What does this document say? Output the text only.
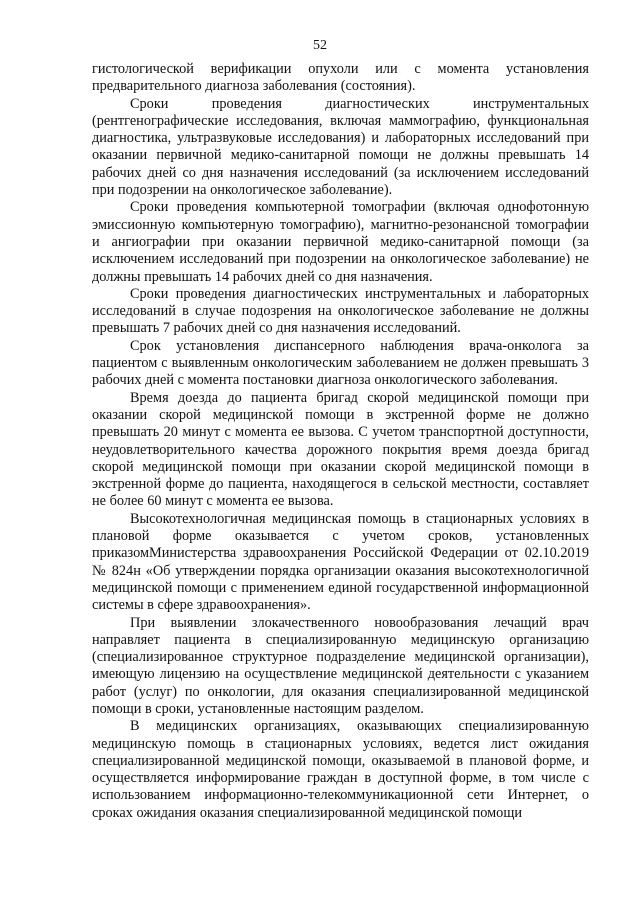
52

гистологической верификации опухоли или с момента установления предварительного диагноза заболевания (состояния).

Сроки проведения диагностических инструментальных (рентгенографические исследования, включая маммографию, функциональная диагностика, ультразвуковые исследования) и лабораторных исследований при оказании первичной медико-санитарной помощи не должны превышать 14 рабочих дней со дня назначения исследований (за исключением исследований при подозрении на онкологическое заболевание).

Сроки проведения компьютерной томографии (включая однофотонную эмиссионную компьютерную томографию), магнитно-резонансной томографии и ангиографии при оказании первичной медико-санитарной помощи (за исключением исследований при подозрении на онкологическое заболевание) не должны превышать 14 рабочих дней со дня назначения.

Сроки проведения диагностических инструментальных и лабораторных исследований в случае подозрения на онкологическое заболевание не должны превышать 7 рабочих дней со дня назначения исследований.

Срок установления диспансерного наблюдения врача-онколога за пациентом с выявленным онкологическим заболеванием не должен превышать 3 рабочих дней с момента постановки диагноза онкологического заболевания.

Время доезда до пациента бригад скорой медицинской помощи при оказании скорой медицинской помощи в экстренной форме не должно превышать 20 минут с момента ее вызова. С учетом транспортной доступности, неудовлетворительного качества дорожного покрытия время доезда бригад скорой медицинской помощи при оказании скорой медицинской помощи в экстренной форме до пациента, находящегося в сельской местности, составляет не более 60 минут с момента ее вызова.

Высокотехнологичная медицинская помощь в стационарных условиях в плановой форме оказывается с учетом сроков, установленных приказомМинистерства здравоохранения Российской Федерации от 02.10.2019 № 824н «Об утверждении порядка организации оказания высокотехнологичной медицинской помощи с применением единой государственной информационной системы в сфере здравоохранения».

При выявлении злокачественного новообразования лечащий врач направляет пациента в специализированную медицинскую организацию (специализированное структурное подразделение медицинской организации), имеющую лицензию на осуществление медицинской деятельности с указанием работ (услуг) по онкологии, для оказания специализированной медицинской помощи в сроки, установленные настоящим разделом.

В медицинских организациях, оказывающих специализированную медицинскую помощь в стационарных условиях, ведется лист ожидания специализированной медицинской помощи, оказываемой в плановой форме, и осуществляется информирование граждан в доступной форме, в том числе с использованием информационно-телекоммуникационной сети Интернет, о сроках ожидания оказания специализированной медицинской помощи
